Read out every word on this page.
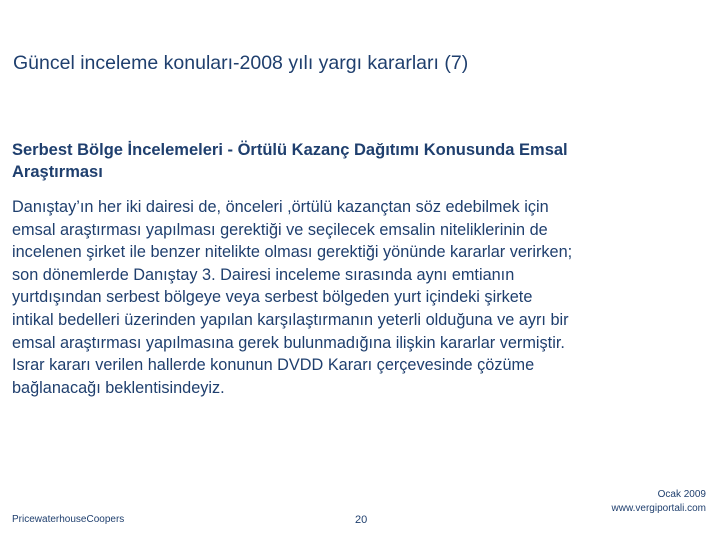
Güncel inceleme konuları-2008 yılı yargı kararları (7)
Serbest Bölge İncelemeleri - Örtülü Kazanç Dağıtımı Konusunda Emsal
Araştırması
Danıştay’ın her iki dairesi de, önceleri ,örtülü kazançtan söz edebilmek için
emsal araştırması yapılması gerektiği ve seçilecek emsalin niteliklerinin de
incelenen şirket ile benzer nitelikte olması gerektiği yönünde kararlar verirken;
son dönemlerde Danıştay 3. Dairesi inceleme sırasında aynı emtianın
yurtdışından serbest bölgeye veya serbest bölgeden yurt içindeki şirkete
intikal bedelleri üzerinden yapılan karşılaştırmanın yeterli olduğuna ve ayrı bir
emsal araştırması yapılmasına gerek bulunmadığına ilişkin kararlar vermiştir.
Israr kararı verilen hallerde konunun DVDD Kararı çerçevesinde çözüme
bağlanacağı beklentisindeyiz.
PricewaterhouseCoopers	20
Ocak 2009
www.vergiportali.com
